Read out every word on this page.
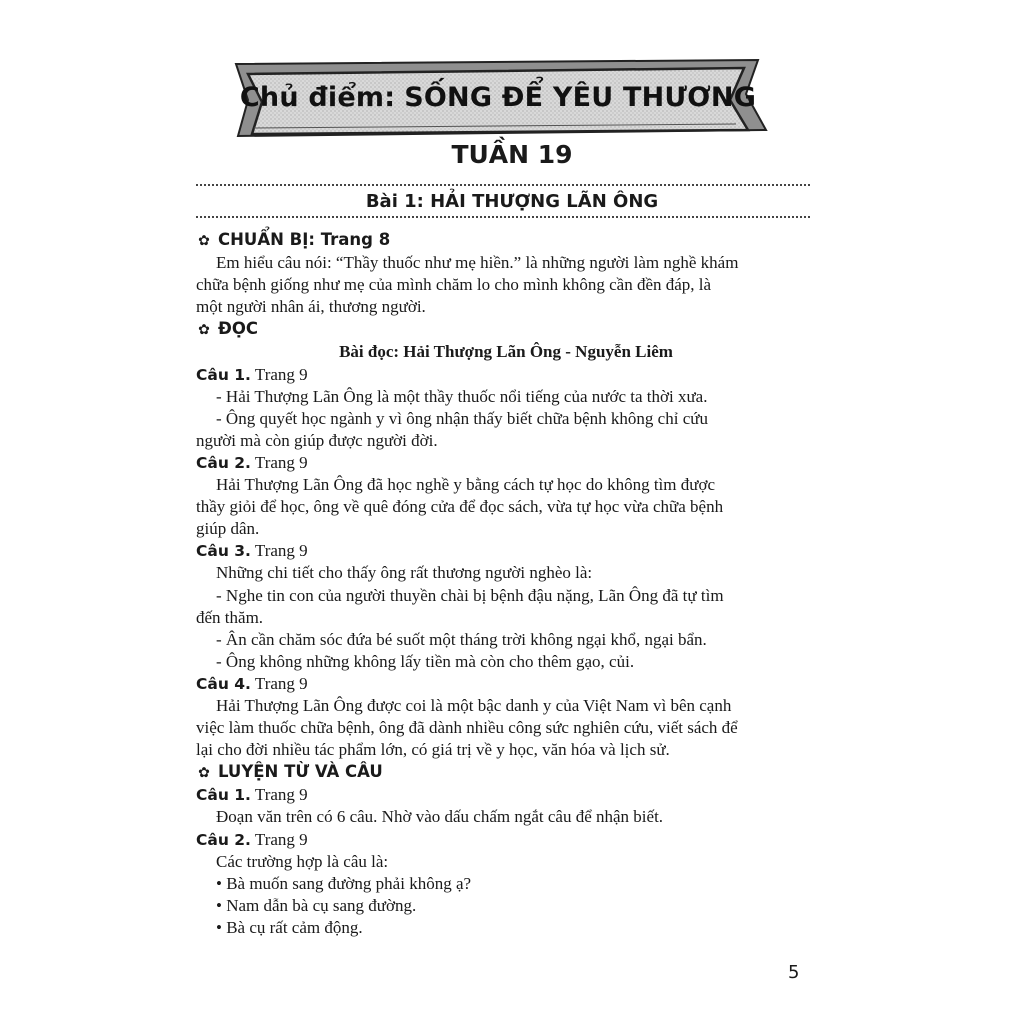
Chủ điểm: SỐNG ĐỂ YÊU THƯƠNG
TUẦN 19
Bài 1: HẢI THƯỢNG LÃN ÔNG
✿ CHUẨN BỊ: Trang 8
Em hiểu câu nói: “Thầy thuốc như mẹ hiền.” là những người làm nghề khám
chữa bệnh giống như mẹ của mình chăm lo cho mình không cần đền đáp, là
một người nhân ái, thương người.
✿ ĐỌC
Bài đọc: Hải Thượng Lãn Ông - Nguyễn Liêm
Câu 1. Trang 9
- Hải Thượng Lãn Ông là một thầy thuốc nổi tiếng của nước ta thời xưa.
- Ông quyết học ngành y vì ông nhận thấy biết chữa bệnh không chỉ cứu
người mà còn giúp được người đời.
Câu 2. Trang 9
Hải Thượng Lãn Ông đã học nghề y bằng cách tự học do không tìm được
thầy giỏi để học, ông về quê đóng cửa để đọc sách, vừa tự học vừa chữa bệnh
giúp dân.
Câu 3. Trang 9
Những chi tiết cho thấy ông rất thương người nghèo là:
- Nghe tin con của người thuyền chài bị bệnh đậu nặng, Lãn Ông đã tự tìm
đến thăm.
- Ân cần chăm sóc đứa bé suốt một tháng trời không ngại khổ, ngại bẩn.
- Ông không những không lấy tiền mà còn cho thêm gạo, củi.
Câu 4. Trang 9
Hải Thượng Lãn Ông được coi là một bậc danh y của Việt Nam vì bên cạnh
việc làm thuốc chữa bệnh, ông đã dành nhiều công sức nghiên cứu, viết sách để
lại cho đời nhiều tác phẩm lớn, có giá trị về y học, văn hóa và lịch sử.
✿ LUYỆN TỪ VÀ CÂU
Câu 1. Trang 9
Đoạn văn trên có 6 câu. Nhờ vào dấu chấm ngắt câu để nhận biết.
Câu 2. Trang 9
Các trường hợp là câu là:
• Bà muốn sang đường phải không ạ?
• Nam dẫn bà cụ sang đường.
• Bà cụ rất cảm động.
5
